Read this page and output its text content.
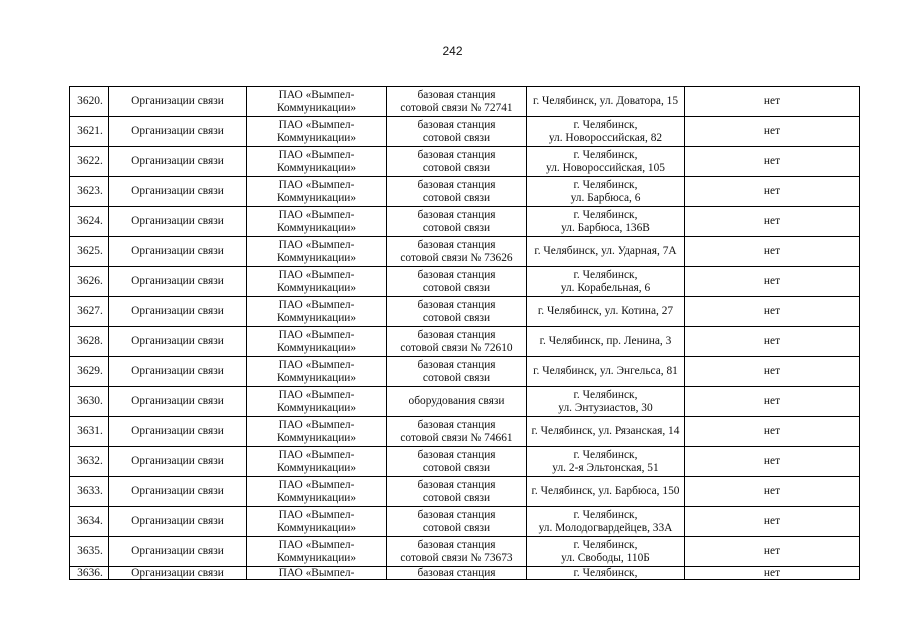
242
3620.	Организации связи	ПАО «Вымпел-
Коммуникации»	базовая станция
сотовой связи № 72741	г. Челябинск, ул. Доватора, 15	нет
3621.	Организации связи	ПАО «Вымпел-
Коммуникации»	базовая станция
сотовой связи	г. Челябинск,
ул. Новороссийская, 82	нет
3622.	Организации связи	ПАО «Вымпел-
Коммуникации»	базовая станция
сотовой связи	г. Челябинск,
ул. Новороссийская, 105	нет
3623.	Организации связи	ПАО «Вымпел-
Коммуникации»	базовая станция
сотовой связи	г. Челябинск,
ул. Барбюса, 6	нет
3624.	Организации связи	ПАО «Вымпел-
Коммуникации»	базовая станция
сотовой связи	г. Челябинск,
ул. Барбюса, 136В	нет
3625.	Организации связи	ПАО «Вымпел-
Коммуникации»	базовая станция
сотовой связи № 73626	г. Челябинск, ул. Ударная, 7А	нет
3626.	Организации связи	ПАО «Вымпел-
Коммуникации»	базовая станция
сотовой связи	г. Челябинск,
ул. Корабельная, 6	нет
3627.	Организации связи	ПАО «Вымпел-
Коммуникации»	базовая станция
сотовой связи	г. Челябинск, ул. Котина, 27	нет
3628.	Организации связи	ПАО «Вымпел-
Коммуникации»	базовая станция
сотовой связи № 72610	г. Челябинск, пр. Ленина, 3	нет
3629.	Организации связи	ПАО «Вымпел-
Коммуникации»	базовая станция
сотовой связи	г. Челябинск, ул. Энгельса, 81	нет
3630.	Организации связи	ПАО «Вымпел-
Коммуникации»	оборудования связи	г. Челябинск,
ул. Энтузиастов, 30	нет
3631.	Организации связи	ПАО «Вымпел-
Коммуникации»	базовая станция
сотовой связи № 74661	г. Челябинск, ул. Рязанская, 14	нет
3632.	Организации связи	ПАО «Вымпел-
Коммуникации»	базовая станция
сотовой связи	г. Челябинск,
ул. 2-я Эльтонская, 51	нет
3633.	Организации связи	ПАО «Вымпел-
Коммуникации»	базовая станция
сотовой связи	г. Челябинск, ул. Барбюса, 150	нет
3634.	Организации связи	ПАО «Вымпел-
Коммуникации»	базовая станция
сотовой связи	г. Челябинск,
ул. Молодогвардейцев, 33А	нет
3635.	Организации связи	ПАО «Вымпел-
Коммуникации»	базовая станция
сотовой связи № 73673	г. Челябинск,
ул. Свободы, 110Б	нет
3636.	Организации связи	ПАО «Вымпел-	базовая станция	г. Челябинск,	нет
